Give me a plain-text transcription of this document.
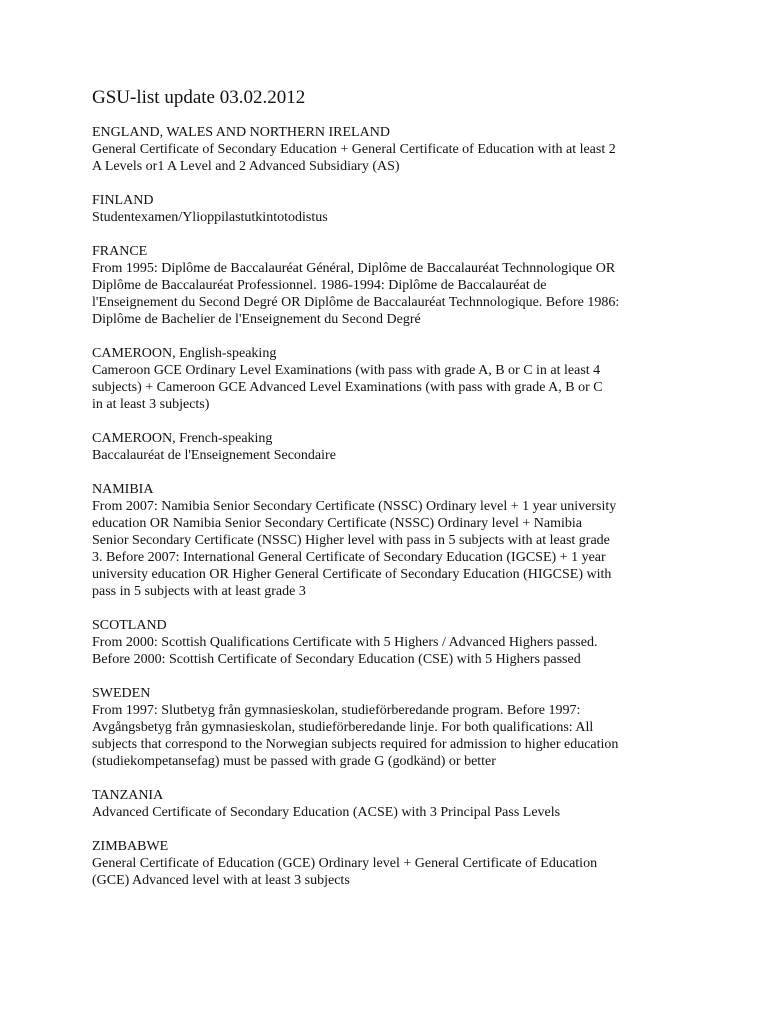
GSU-list update 03.02.2012
ENGLAND, WALES AND NORTHERN IRELAND
General Certificate of Secondary Education + General Certificate of Education with at least 2
A Levels or1 A Level and 2 Advanced Subsidiary (AS)
FINLAND
Studentexamen/Ylioppilastutkintotodistus
FRANCE
From 1995: Diplôme de Baccalauréat Général, Diplôme de Baccalauréat Technnologique OR
Diplôme de Baccalauréat Professionnel. 1986-1994: Diplôme de Baccalauréat de
l'Enseignement du Second Degré OR Diplôme de Baccalauréat Technnologique. Before 1986:
Diplôme de Bachelier de l'Enseignement du Second Degré
CAMEROON, English-speaking
Cameroon GCE Ordinary Level Examinations (with pass with grade A, B or C in at least 4
subjects) + Cameroon GCE Advanced Level Examinations (with pass with grade A, B or C
in at least 3 subjects)
CAMEROON, French-speaking
Baccalauréat de l'Enseignement Secondaire
NAMIBIA
From 2007: Namibia Senior Secondary Certificate (NSSC) Ordinary level + 1 year university
education OR Namibia Senior Secondary Certificate (NSSC) Ordinary level + Namibia
Senior Secondary Certificate (NSSC) Higher level with pass in 5 subjects with at least grade
3. Before 2007: International General Certificate of Secondary Education (IGCSE) + 1 year
university education OR Higher General Certificate of Secondary Education (HIGCSE) with
pass in 5 subjects with at least grade 3
SCOTLAND
From 2000: Scottish Qualifications Certificate with 5 Highers / Advanced Highers passed.
Before 2000: Scottish Certificate of Secondary Education (CSE) with 5 Highers passed
SWEDEN
From 1997: Slutbetyg från gymnasieskolan, studieförberedande program. Before 1997:
Avgångsbetyg från gymnasieskolan, studieförberedande linje. For both qualifications: All
subjects that correspond to the Norwegian subjects required for admission to higher education
(studiekompetansefag) must be passed with grade G (godkänd) or better
TANZANIA
Advanced Certificate of Secondary Education (ACSE) with 3 Principal Pass Levels
ZIMBABWE
General Certificate of Education (GCE) Ordinary level + General Certificate of Education
(GCE) Advanced level with at least 3 subjects
